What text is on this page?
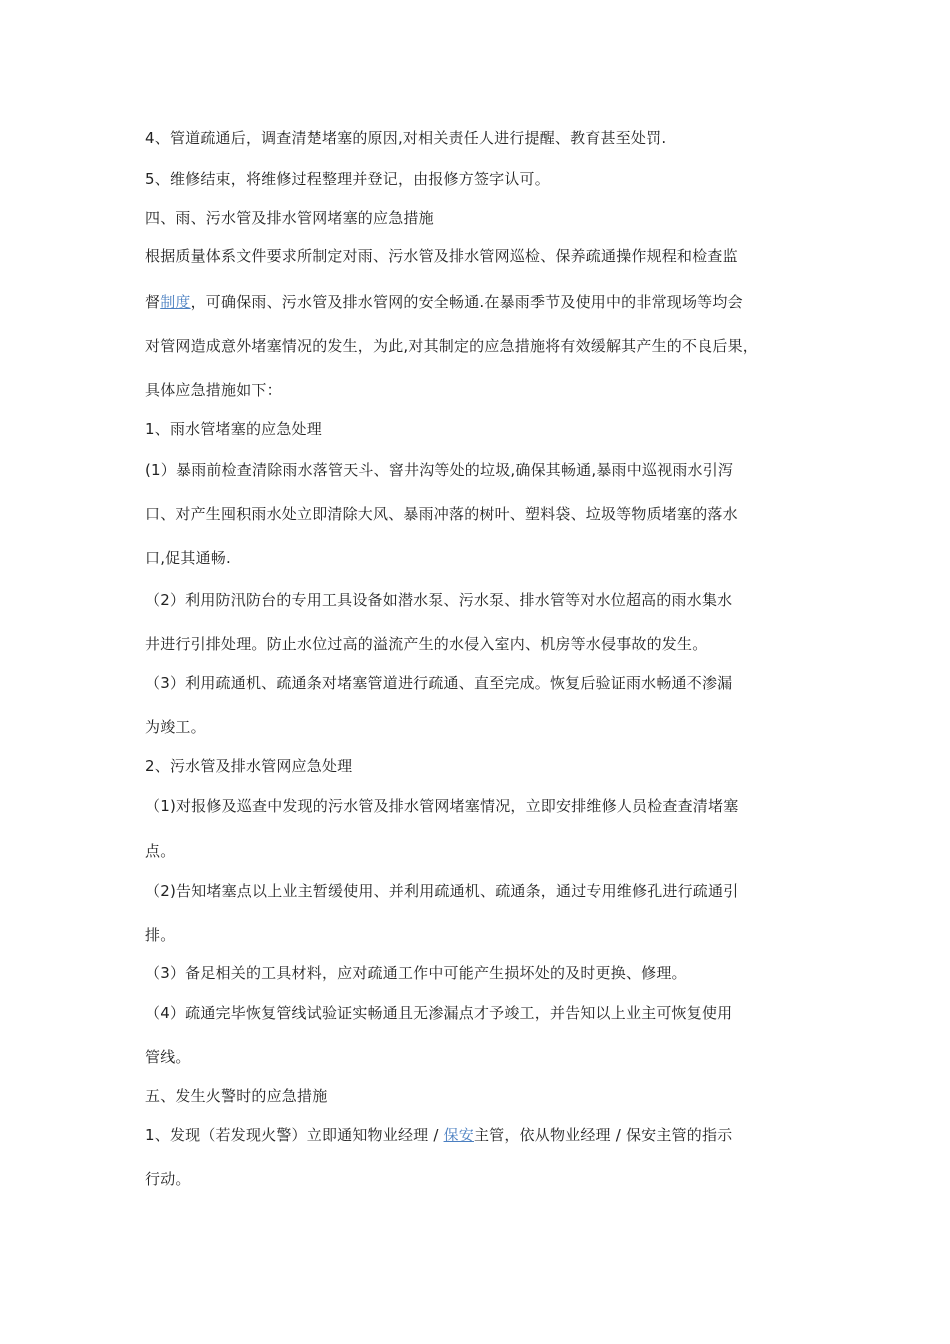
4、管道疏通后，调查清楚堵塞的原因,对相关责任人进行提醒、教育甚至处罚.
5、维修结束，将维修过程整理并登记，由报修方签字认可。
四、雨、污水管及排水管网堵塞的应急措施
根据质量体系文件要求所制定对雨、污水管及排水管网巡检、保养疏通操作规程和检查监
督制度，可确保雨、污水管及排水管网的安全畅通.在暴雨季节及使用中的非常现场等均会
对管网造成意外堵塞情况的发生，为此,对其制定的应急措施将有效缓解其产生的不良后果，
具体应急措施如下：
1、雨水管堵塞的应急处理
(1）暴雨前检查清除雨水落管天斗、窨井沟等处的垃圾,确保其畅通,暴雨中巡视雨水引泻
口、对产生囤积雨水处立即清除大风、暴雨冲落的树叶、塑料袋、垃圾等物质堵塞的落水
口,促其通畅.
（2）利用防汛防台的专用工具设备如潜水泵、污水泵、排水管等对水位超高的雨水集水
井进行引排处理。防止水位过高的溢流产生的水侵入室内、机房等水侵事故的发生。
（3）利用疏通机、疏通条对堵塞管道进行疏通、直至完成。恢复后验证雨水畅通不渗漏
为竣工。
2、污水管及排水管网应急处理
（1)对报修及巡查中发现的污水管及排水管网堵塞情况，立即安排维修人员检查查清堵塞
点。
（2)告知堵塞点以上业主暂缓使用、并利用疏通机、疏通条，通过专用维修孔进行疏通引
排。
（3）备足相关的工具材料，应对疏通工作中可能产生损坏处的及时更换、修理。
（4）疏通完毕恢复管线试验证实畅通且无渗漏点才予竣工，并告知以上业主可恢复使用
管线。
五、发生火警时的应急措施
1、发现（若发现火警）立即通知物业经理 / 保安主管，依从物业经理 / 保安主管的指示
行动。
